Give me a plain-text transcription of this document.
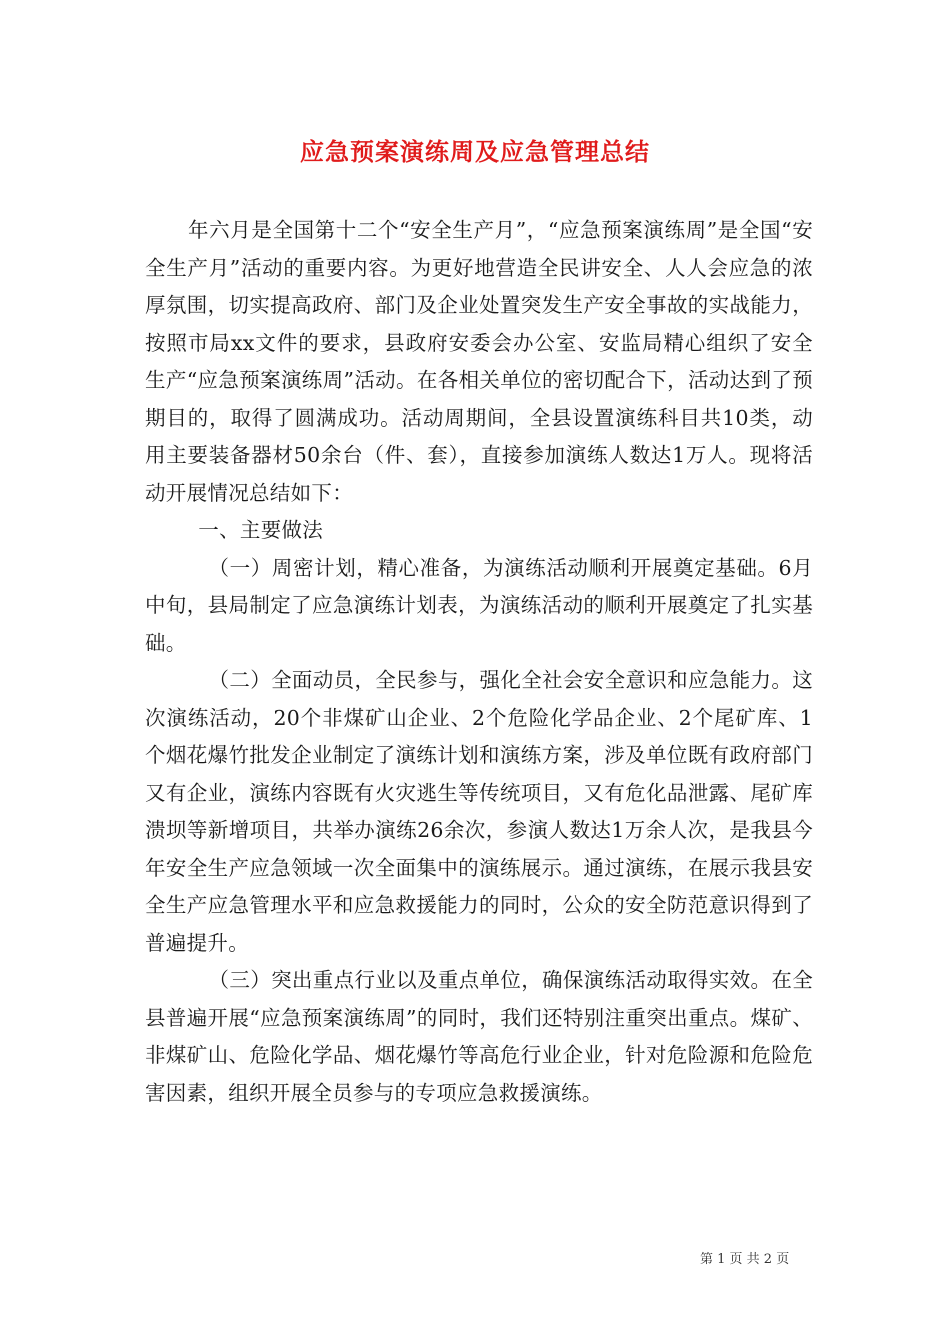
应急预案演练周及应急管理总结

年六月是全国第十二个“安全生产月”，“应急预案演练周”是全国“安全生产月”活动的重要内容。为更好地营造全民讲安全、人人会应急的浓厚氛围，切实提高政府、部门及企业处置突发生产安全事故的实战能力，按照市局xx文件的要求，县政府安委会办公室、安监局精心组织了安全生产“应急预案演练周”活动。在各相关单位的密切配合下，活动达到了预期目的，取得了圆满成功。活动周期间，全县设置演练科目共10类，动用主要装备器材50余台（件、套），直接参加演练人数达1万人。现将活动开展情况总结如下：

一、主要做法

（一）周密计划，精心准备，为演练活动顺利开展奠定基础。6月中旬，县局制定了应急演练计划表，为演练活动的顺利开展奠定了扎实基础。

（二）全面动员，全民参与，强化全社会安全意识和应急能力。这次演练活动，20个非煤矿山企业、2个危险化学品企业、2个尾矿库、1个烟花爆竹批发企业制定了演练计划和演练方案，涉及单位既有政府部门又有企业，演练内容既有火灾逃生等传统项目，又有危化品泄露、尾矿库溃坝等新增项目，共举办演练26余次，参演人数达1万余人次，是我县今年安全生产应急领域一次全面集中的演练展示。通过演练，在展示我县安全生产应急管理水平和应急救援能力的同时，公众的安全防范意识得到了普遍提升。

（三）突出重点行业以及重点单位，确保演练活动取得实效。在全县普遍开展“应急预案演练周”的同时，我们还特别注重突出重点。煤矿、非煤矿山、危险化学品、烟花爆竹等高危行业企业，针对危险源和危险危害因素，组织开展全员参与的专项应急救援演练。

第 1 页 共 2 页
